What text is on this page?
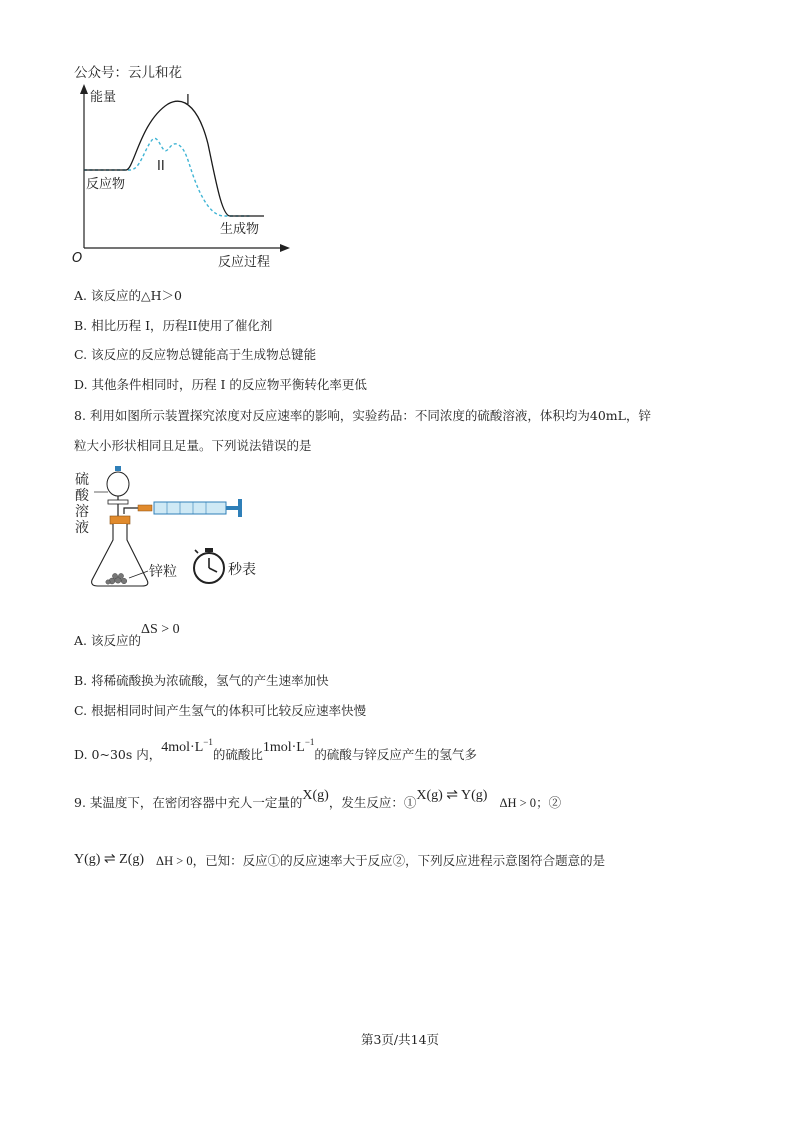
公众号：云儿和花
能量	I
II
反应物
生成物
O	反应过程
A. 该反应的△H＞0
B. 相比历程 I，历程II使用了催化剂
C. 该反应的反应物总键能高于生成物总键能
D. 其他条件相同时，历程 I 的反应物平衡转化率更低
8. 利用如图所示装置探究浓度对反应速率的影响，实验药品：不同浓度的硫酸溶液，体积均为40mL，锌
粒大小形状相同且足量。下列说法错误的是
硫
酸
溶
液
锌粒	秒表
A. 该反应的ΔS > 0
B. 将稀硫酸换为浓硫酸，氢气的产生速率加快
C. 根据相同时间产生氢气的体积可比较反应速率快慢
D. 0~30s 内，$4mol\cdot L^{-1}$的硫酸比$1mol\cdot L^{-1}$的硫酸与锌反应产生的氢气多
9. 某温度下，在密闭容器中充人一定量的X(g)，发生反应：①X(g) ⇌ Y(g) ΔH > 0；②
Y(g) ⇌ Z(g) ΔH > 0，已知：反应①的反应速率大于反应②，下列反应进程示意图符合题意的是
第3页/共14页
